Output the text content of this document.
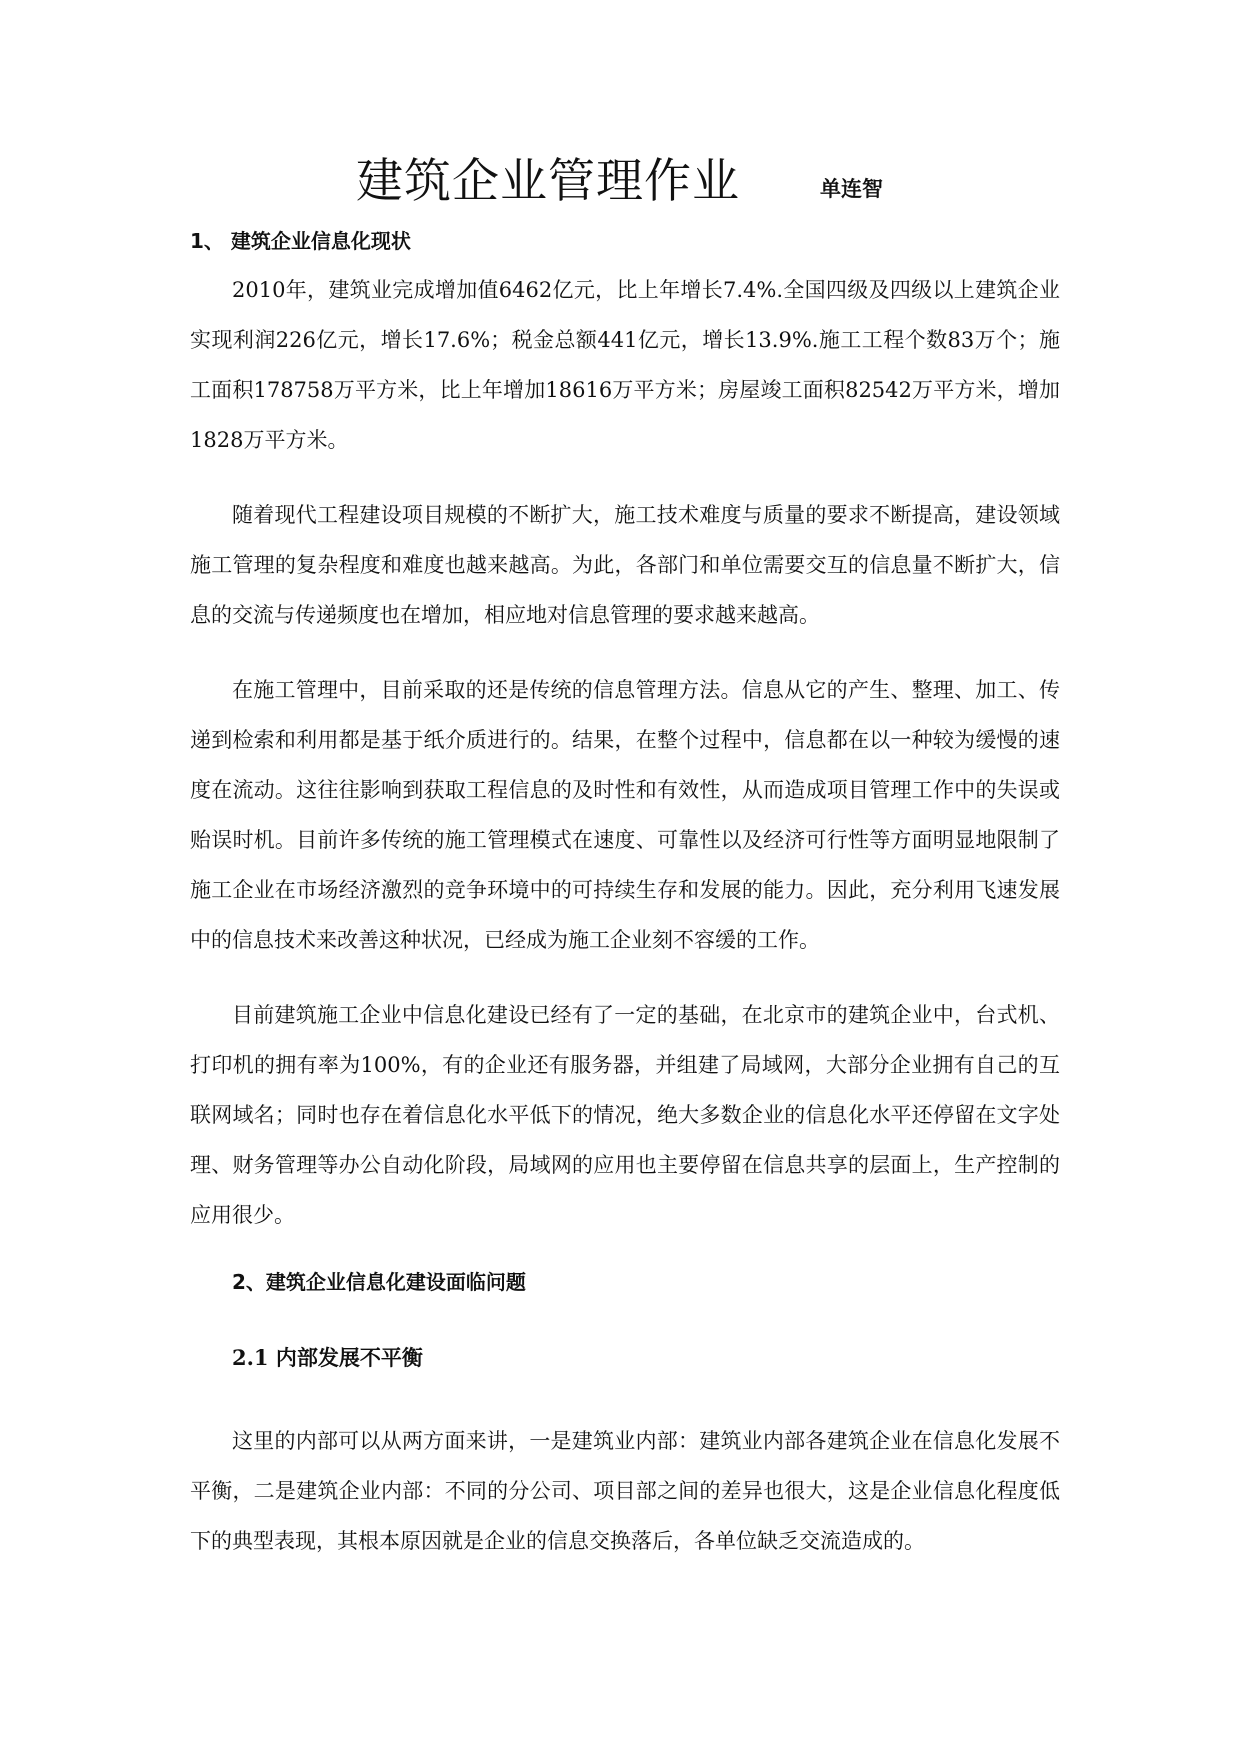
建筑企业管理作业	单连智
1、 建筑企业信息化现状

2010年，建筑业完成增加值6462亿元，比上年增长7.4%.全国四级及四级以上建筑企业实现利润226亿元，增长17.6%；税金总额441亿元，增长13.9%.施工工程个数83万个；施工面积178758万平方米，比上年增加18616万平方米；房屋竣工面积82542万平方米，增加1828万平方米。

随着现代工程建设项目规模的不断扩大，施工技术难度与质量的要求不断提高，建设领域施工管理的复杂程度和难度也越来越高。为此，各部门和单位需要交互的信息量不断扩大，信息的交流与传递频度也在增加，相应地对信息管理的要求越来越高。

在施工管理中，目前采取的还是传统的信息管理方法。信息从它的产生、整理、加工、传递到检索和利用都是基于纸介质进行的。结果，在整个过程中，信息都在以一种较为缓慢的速度在流动。这往往影响到获取工程信息的及时性和有效性，从而造成项目管理工作中的失误或贻误时机。目前许多传统的施工管理模式在速度、可靠性以及经济可行性等方面明显地限制了施工企业在市场经济激烈的竞争环境中的可持续生存和发展的能力。因此，充分利用飞速发展中的信息技术来改善这种状况，已经成为施工企业刻不容缓的工作。

目前建筑施工企业中信息化建设已经有了一定的基础，在北京市的建筑企业中，台式机、打印机的拥有率为100%，有的企业还有服务器，并组建了局域网，大部分企业拥有自己的互联网域名；同时也存在着信息化水平低下的情况，绝大多数企业的信息化水平还停留在文字处理、财务管理等办公自动化阶段，局域网的应用也主要停留在信息共享的层面上，生产控制的应用很少。

2、建筑企业信息化建设面临问题
2.1 内部发展不平衡

这里的内部可以从两方面来讲，一是建筑业内部：建筑业内部各建筑企业在信息化发展不平衡，二是建筑企业内部：不同的分公司、项目部之间的差异也很大，这是企业信息化程度低下的典型表现，其根本原因就是企业的信息交换落后，各单位缺乏交流造成的。
